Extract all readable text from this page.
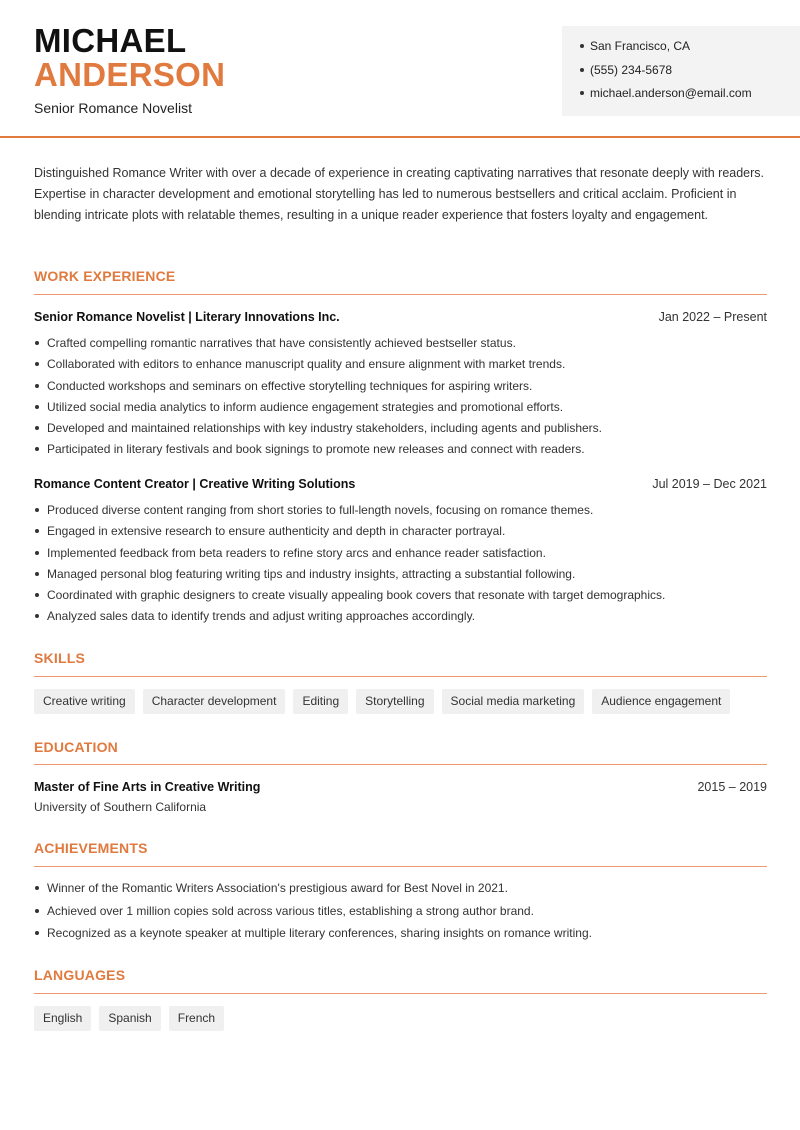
MICHAEL
ANDERSON
Senior Romance Novelist
San Francisco, CA
(555) 234-5678
michael.anderson@email.com

Distinguished Romance Writer with over a decade of experience in creating captivating narratives that resonate deeply with readers. Expertise in character development and emotional storytelling has led to numerous bestsellers and critical acclaim. Proficient in blending intricate plots with relatable themes, resulting in a unique reader experience that fosters loyalty and engagement.

WORK EXPERIENCE
Senior Romance Novelist | Literary Innovations Inc.	Jan 2022 – Present
Crafted compelling romantic narratives that have consistently achieved bestseller status.
Collaborated with editors to enhance manuscript quality and ensure alignment with market trends.
Conducted workshops and seminars on effective storytelling techniques for aspiring writers.
Utilized social media analytics to inform audience engagement strategies and promotional efforts.
Developed and maintained relationships with key industry stakeholders, including agents and publishers.
Participated in literary festivals and book signings to promote new releases and connect with readers.
Romance Content Creator | Creative Writing Solutions	Jul 2019 – Dec 2021
Produced diverse content ranging from short stories to full-length novels, focusing on romance themes.
Engaged in extensive research to ensure authenticity and depth in character portrayal.
Implemented feedback from beta readers to refine story arcs and enhance reader satisfaction.
Managed personal blog featuring writing tips and industry insights, attracting a substantial following.
Coordinated with graphic designers to create visually appealing book covers that resonate with target demographics.
Analyzed sales data to identify trends and adjust writing approaches accordingly.
SKILLS
Creative writing	Character development	Editing	Storytelling	Social media marketing	Audience engagement
EDUCATION
Master of Fine Arts in Creative Writing	2015 – 2019
University of Southern California
ACHIEVEMENTS
Winner of the Romantic Writers Association's prestigious award for Best Novel in 2021.
Achieved over 1 million copies sold across various titles, establishing a strong author brand.
Recognized as a keynote speaker at multiple literary conferences, sharing insights on romance writing.
LANGUAGES
English	Spanish	French
